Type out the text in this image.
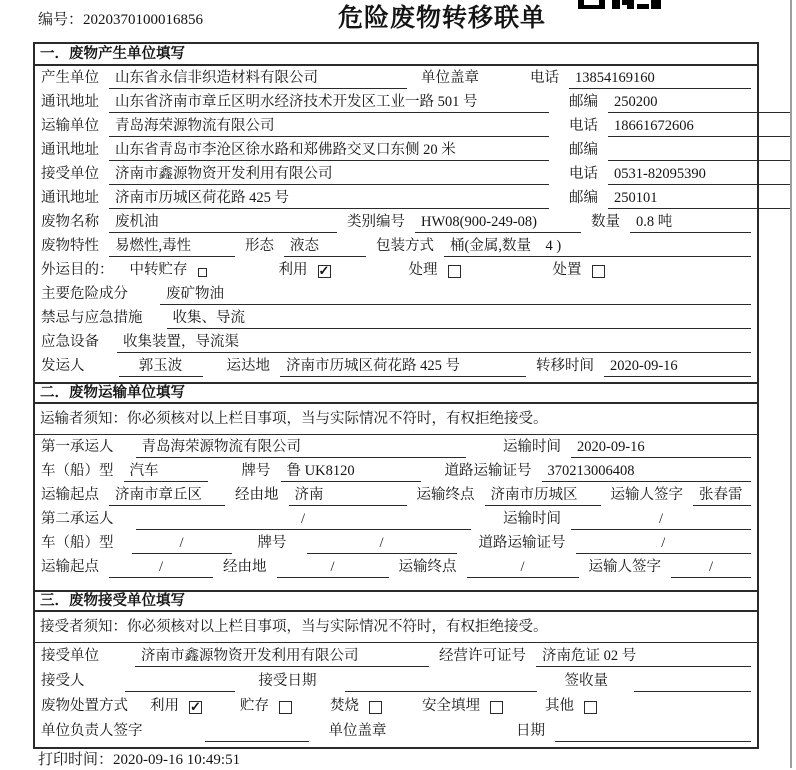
编号：2020370100016856	危险废物转移联单
一．废物产生单位填写
产生单位	山东省永信非织造材料有限公司	单位盖章	电话	13854169160
通讯地址	山东省济南市章丘区明水经济技术开发区工业一路 501 号	邮编	250200
运输单位	青岛海荣源物流有限公司	电话	18661672606
通讯地址	山东省青岛市李沧区徐水路和郑佛路交叉口东侧 20 米	邮编
接受单位	济南市鑫源物资开发利用有限公司	电话	0531-82095390
通讯地址	济南市历城区荷花路 425 号	邮编	250101
废物名称	废机油	类别编号	HW08(900-249-08)	数量	0.8 吨
废物特性	易燃性,毒性	形态	液态	包装方式	桶(金属,数量　4 )
外运目的： 中转贮存	利用 ✓	处理	处置
主要危险成分	废矿物油
禁忌与应急措施	收集、导流
应急设备	收集装置，导流渠
发运人	郭玉波	运达地	济南市历城区荷花路 425 号	转移时间	2020-09-16
二．废物运输单位填写
运输者须知：你必须核对以上栏目事项，当与实际情况不符时，有权拒绝接受。
第一承运人	青岛海荣源物流有限公司	运输时间	2020-09-16
车（船）型	汽车	牌号	鲁 UK8120	道路运输证号	370213006408
运输起点	济南市章丘区	经由地	济南	运输终点	济南市历城区	运输人签字	张春雷
第二承运人	/	运输时间	/
车（船）型	/	牌号	/	道路运输证号	/
运输起点	/	经由地	/	运输终点	/	运输人签字	/
三．废物接受单位填写
接受者须知：你必须核对以上栏目事项，当与实际情况不符时，有权拒绝接受。
接受单位	济南市鑫源物资开发利用有限公司	经营许可证号	济南危证 02 号
接受人	接受日期	签收量
废物处置方式 利用 ✓	贮存	焚烧	安全填埋	其他
单位负责人签字	单位盖章	日期
打印时间：2020-09-16 10:49:51
